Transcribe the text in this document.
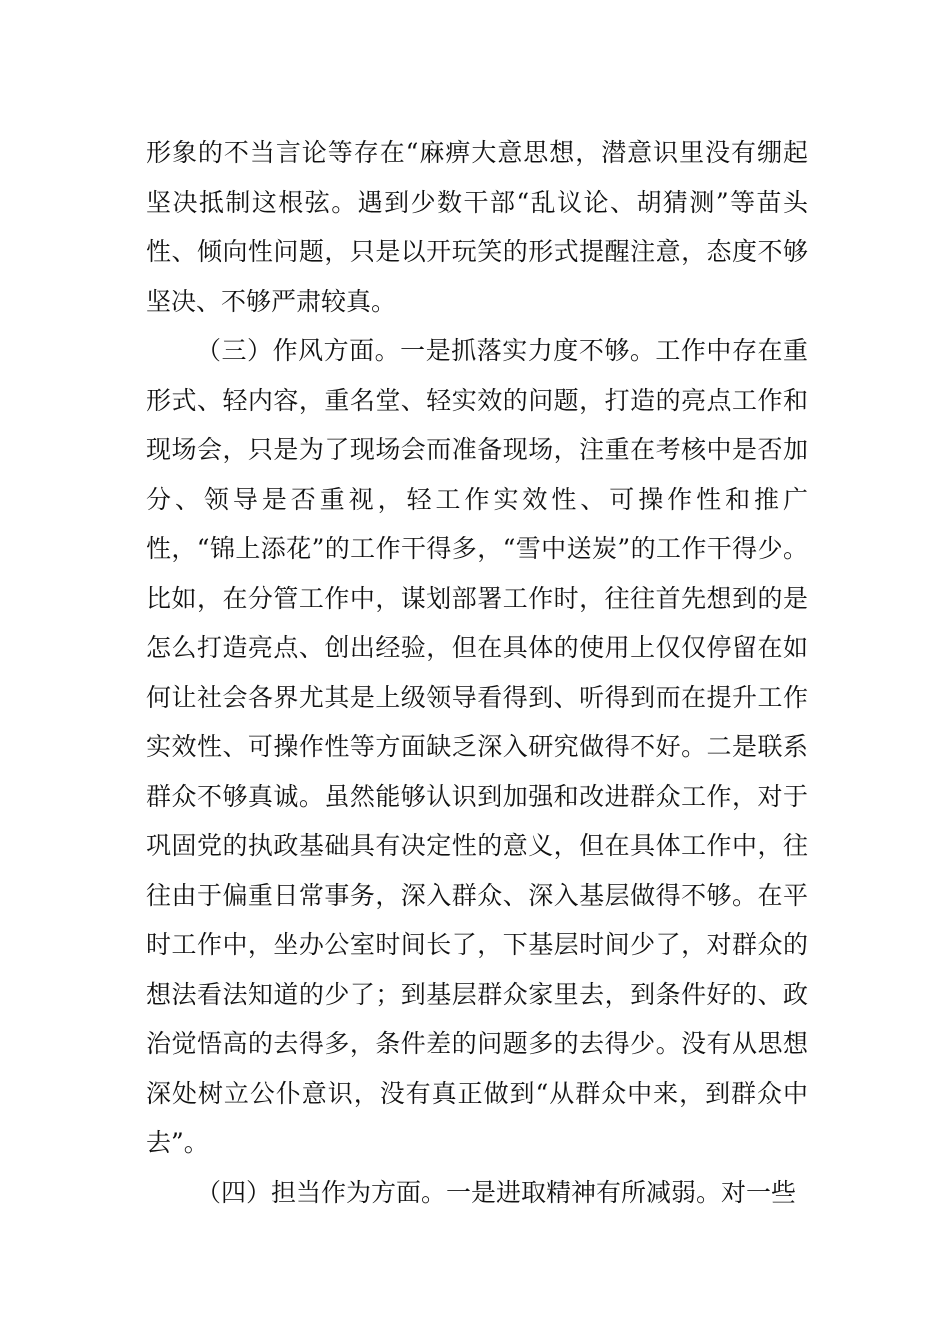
形象的不当言论等存在“麻痹大意思想，潜意识里没有绷起坚决抵制这根弦。遇到少数干部“乱议论、胡猜测”等苗头性、倾向性问题，只是以开玩笑的形式提醒注意，态度不够坚决、不够严肃较真。

（三）作风方面。一是抓落实力度不够。工作中存在重形式、轻内容，重名堂、轻实效的问题，打造的亮点工作和现场会，只是为了现场会而准备现场，注重在考核中是否加分、领导是否重视，轻工作实效性、可操作性和推广性，“锦上添花”的工作干得多，“雪中送炭”的工作干得少。比如，在分管工作中，谋划部署工作时，往往首先想到的是怎么打造亮点、创出经验，但在具体的使用上仅仅停留在如何让社会各界尤其是上级领导看得到、听得到而在提升工作实效性、可操作性等方面缺乏深入研究做得不好。二是联系群众不够真诚。虽然能够认识到加强和改进群众工作，对于巩固党的执政基础具有决定性的意义，但在具体工作中，往往由于偏重日常事务，深入群众、深入基层做得不够。在平时工作中，坐办公室时间长了，下基层时间少了，对群众的想法看法知道的少了；到基层群众家里去，到条件好的、政治觉悟高的去得多，条件差的问题多的去得少。没有从思想深处树立公仆意识，没有真正做到“从群众中来，到群众中去”。

（四）担当作为方面。一是进取精神有所减弱。对一些
